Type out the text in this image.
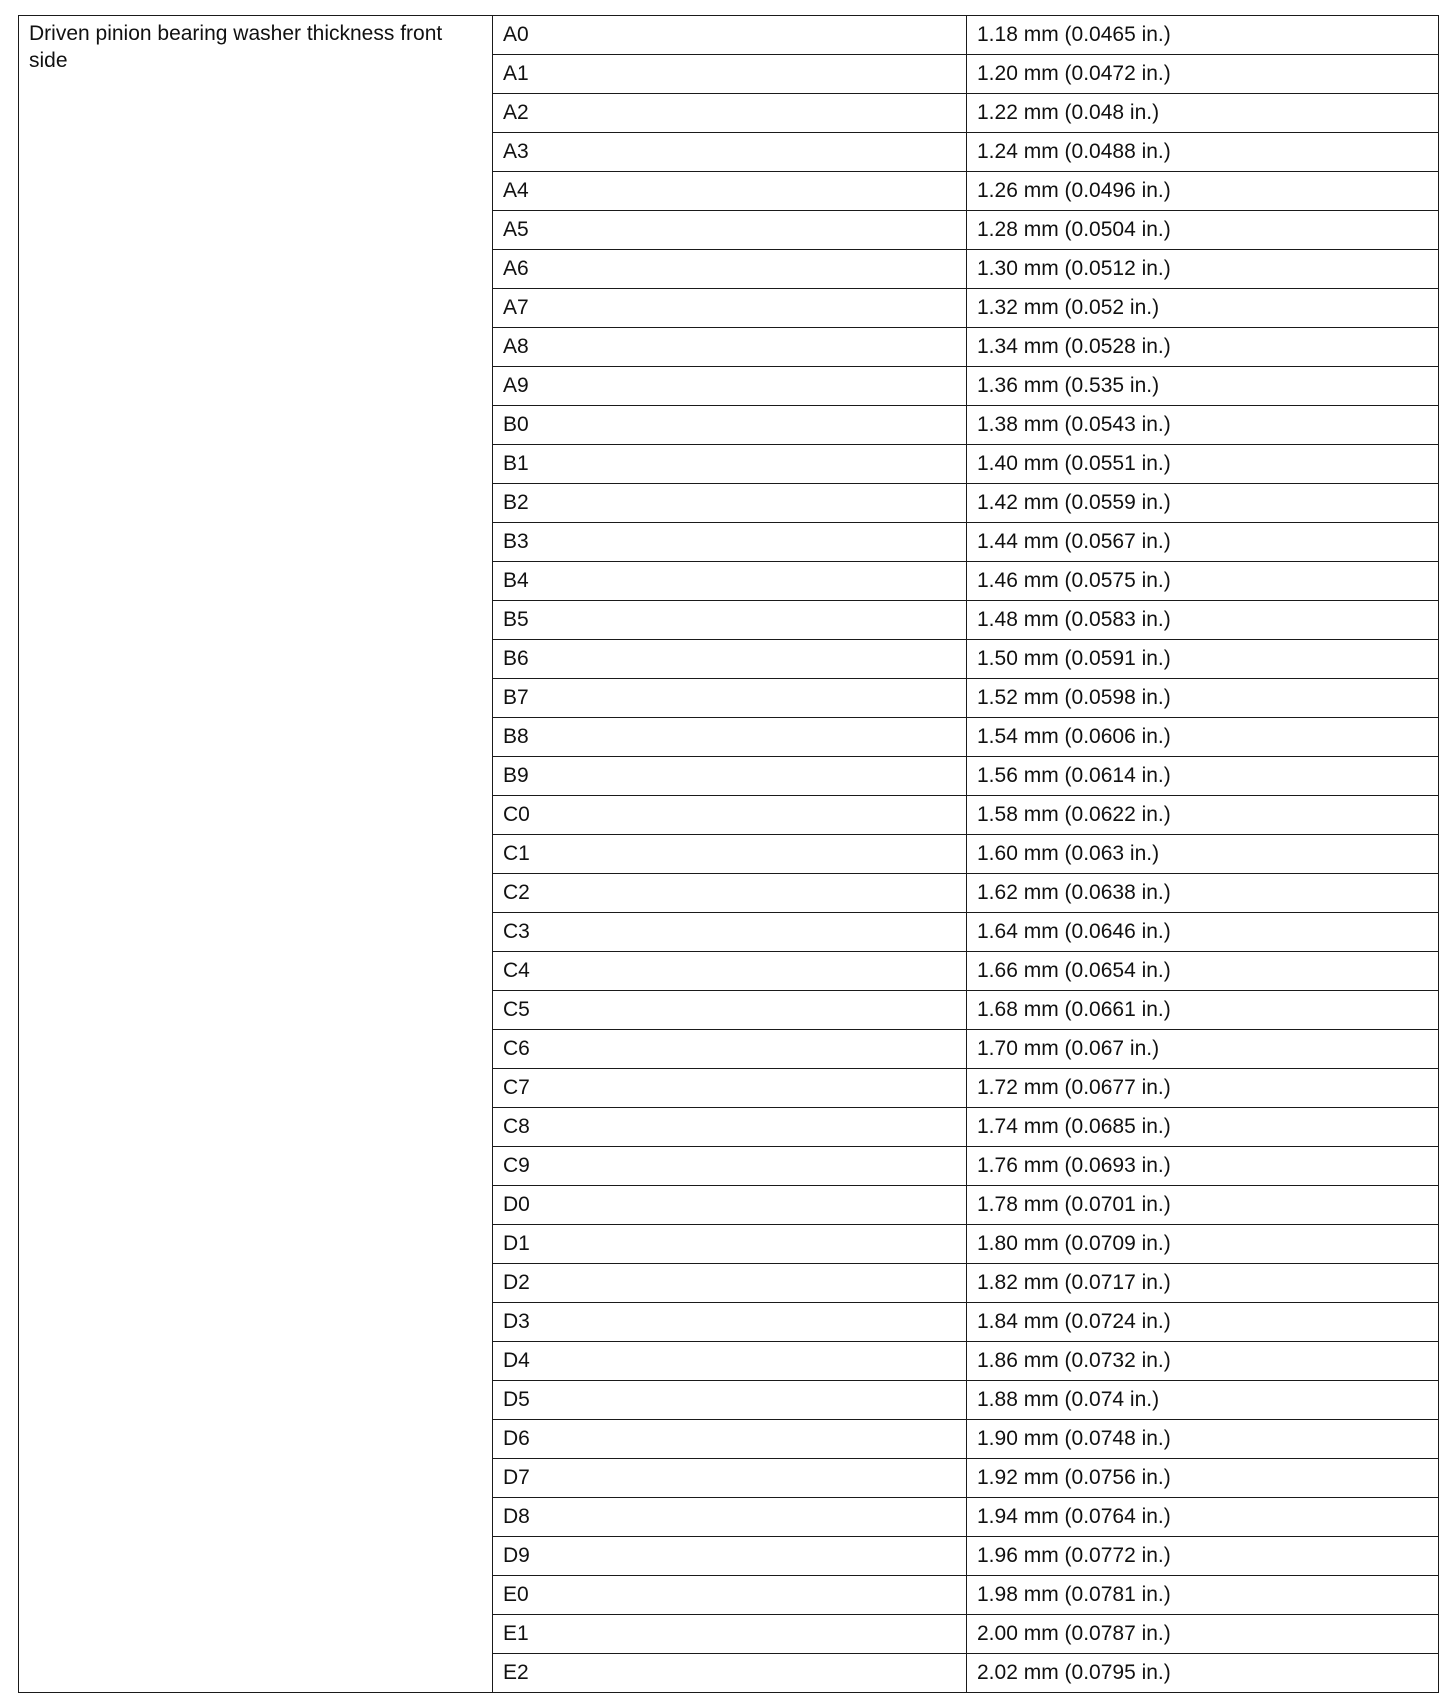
Driven pinion bearing washer thickness front side	A0	1.18 mm (0.0465 in.)
	A1	1.20 mm (0.0472 in.)
	A2	1.22 mm (0.048 in.)
	A3	1.24 mm (0.0488 in.)
	A4	1.26 mm (0.0496 in.)
	A5	1.28 mm (0.0504 in.)
	A6	1.30 mm (0.0512 in.)
	A7	1.32 mm (0.052 in.)
	A8	1.34 mm (0.0528 in.)
	A9	1.36 mm (0.535 in.)
	B0	1.38 mm (0.0543 in.)
	B1	1.40 mm (0.0551 in.)
	B2	1.42 mm (0.0559 in.)
	B3	1.44 mm (0.0567 in.)
	B4	1.46 mm (0.0575 in.)
	B5	1.48 mm (0.0583 in.)
	B6	1.50 mm (0.0591 in.)
	B7	1.52 mm (0.0598 in.)
	B8	1.54 mm (0.0606 in.)
	B9	1.56 mm (0.0614 in.)
	C0	1.58 mm (0.0622 in.)
	C1	1.60 mm (0.063 in.)
	C2	1.62 mm (0.0638 in.)
	C3	1.64 mm (0.0646 in.)
	C4	1.66 mm (0.0654 in.)
	C5	1.68 mm (0.0661 in.)
	C6	1.70 mm (0.067 in.)
	C7	1.72 mm (0.0677 in.)
	C8	1.74 mm (0.0685 in.)
	C9	1.76 mm (0.0693 in.)
	D0	1.78 mm (0.0701 in.)
	D1	1.80 mm (0.0709 in.)
	D2	1.82 mm (0.0717 in.)
	D3	1.84 mm (0.0724 in.)
	D4	1.86 mm (0.0732 in.)
	D5	1.88 mm (0.074 in.)
	D6	1.90 mm (0.0748 in.)
	D7	1.92 mm (0.0756 in.)
	D8	1.94 mm (0.0764 in.)
	D9	1.96 mm (0.0772 in.)
	E0	1.98 mm (0.0781 in.)
	E1	2.00 mm (0.0787 in.)
	E2	2.02 mm (0.0795 in.)
